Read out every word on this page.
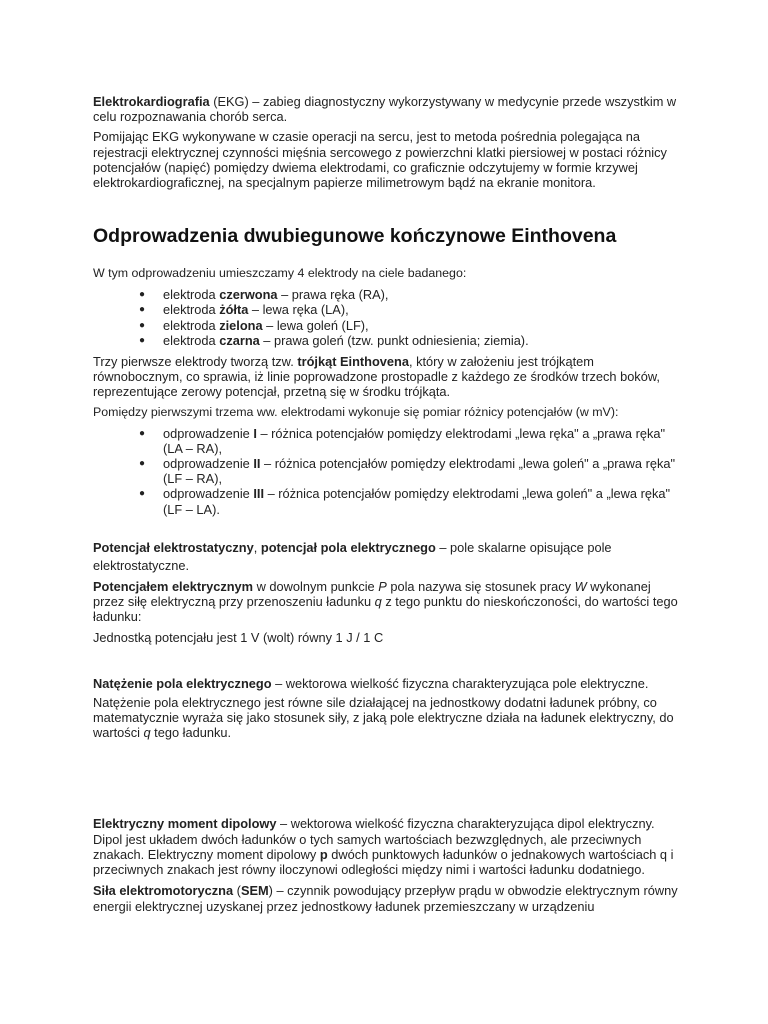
Elektrokardiografia (EKG) – zabieg diagnostyczny wykorzystywany w medycynie przede wszystkim w celu rozpoznawania chorób serca.

Pomijając EKG wykonywane w czasie operacji na sercu, jest to metoda pośrednia polegająca na rejestracji elektrycznej czynności mięśnia sercowego z powierzchni klatki piersiowej w postaci różnicy potencjałów (napięć) pomiędzy dwiema elektrodami, co graficznie odczytujemy w formie krzywej elektrokardiograficznej, na specjalnym papierze milimetrowym bądź na ekranie monitora.

Odprowadzenia dwubiegunowe kończynowe Einthovena

W tym odprowadzeniu umieszczamy 4 elektrody na ciele badanego:

● elektroda czerwona – prawa ręka (RA),
● elektroda żółta – lewa ręka (LA),
● elektroda zielona – lewa goleń (LF),
● elektroda czarna – prawa goleń (tzw. punkt odniesienia; ziemia).

Trzy pierwsze elektrody tworzą tzw. trójkąt Einthovena, który w założeniu jest trójkątem równobocznym, co sprawia, iż linie poprowadzone prostopadle z każdego ze środków trzech boków, reprezentujące zerowy potencjał, przetną się w środku trójkąta.

Pomiędzy pierwszymi trzema ww. elektrodami wykonuje się pomiar różnicy potencjałów (w mV):

● odprowadzenie I – różnica potencjałów pomiędzy elektrodami „lewa ręka" a „prawa ręka" (LA – RA),
● odprowadzenie II – różnica potencjałów pomiędzy elektrodami „lewa goleń" a „prawa ręka" (LF – RA),
● odprowadzenie III – różnica potencjałów pomiędzy elektrodami „lewa goleń" a „lewa ręka" (LF – LA).

Potencjał elektrostatyczny, potencjał pola elektrycznego – pole skalarne opisujące pole elektrostatyczne.

Potencjałem elektrycznym w dowolnym punkcie P pola nazywa się stosunek pracy W wykonanej przez siłę elektryczną przy przenoszeniu ładunku q z tego punktu do nieskończoności, do wartości tego ładunku:

Jednostką potencjału jest 1 V (wolt) równy 1 J / 1 C

Natężenie pola elektrycznego – wektorowa wielkość fizyczna charakteryzująca pole elektryczne.

Natężenie pola elektrycznego jest równe sile działającej na jednostkowy dodatni ładunek próbny, co matematycznie wyraża się jako stosunek siły, z jaką pole elektryczne działa na ładunek elektryczny, do wartości q tego ładunku.

Elektryczny moment dipolowy – wektorowa wielkość fizyczna charakteryzująca dipol elektryczny. Dipol jest układem dwóch ładunków o tych samych wartościach bezwzględnych, ale przeciwnych znakach. Elektryczny moment dipolowy p dwóch punktowych ładunków o jednakowych wartościach q i przeciwnych znakach jest równy iloczynowi odległości między nimi i wartości ładunku dodatniego.

Siła elektromotoryczna (SEM) – czynnik powodujący przepływ prądu w obwodzie elektrycznym równy energii elektrycznej uzyskanej przez jednostkowy ładunek przemieszczany w urządzeniu
